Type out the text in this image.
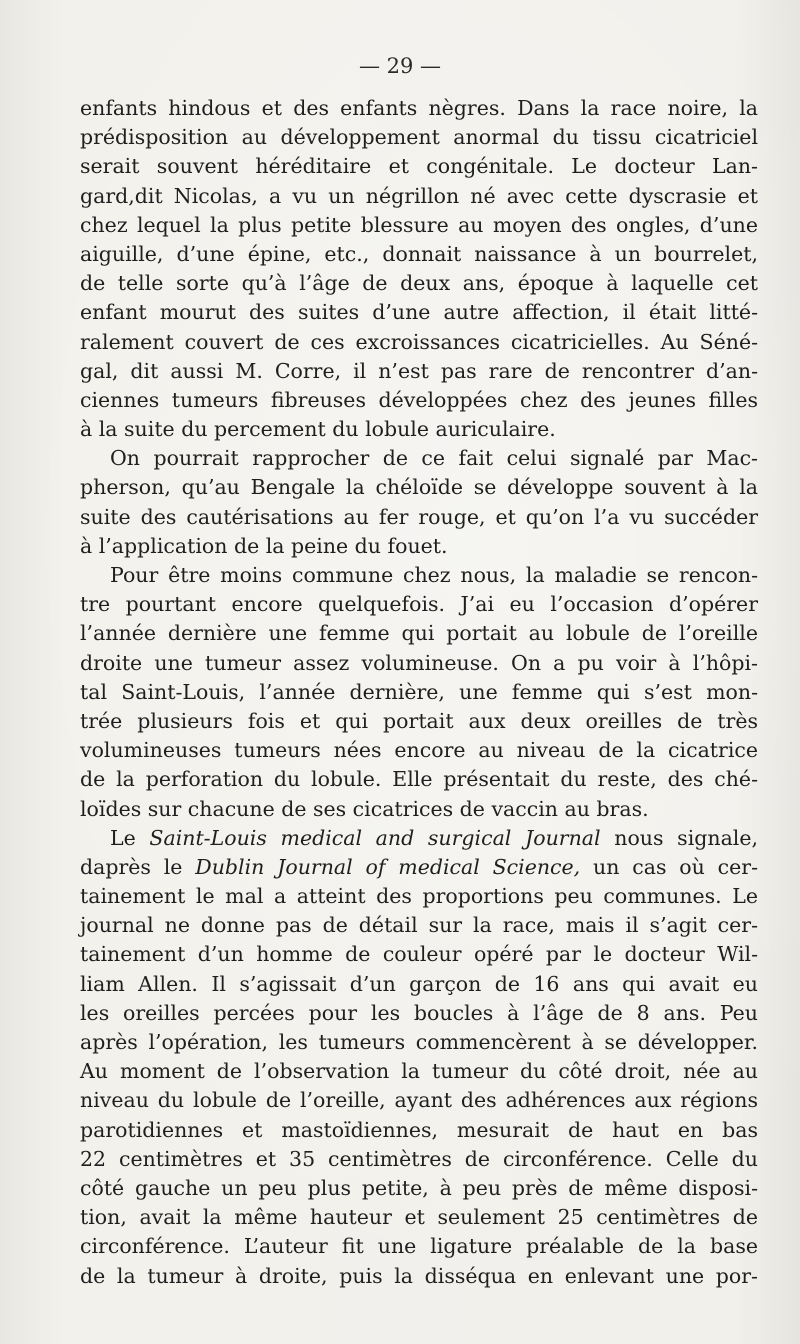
— 29 —
enfants hindous et des enfants nègres. Dans la race noire, la
prédisposition au développement anormal du tissu cicatriciel
serait souvent héréditaire et congénitale. Le docteur Lan-
gard,dit Nicolas, a vu un négrillon né avec cette dyscrasie et
chez lequel la plus petite blessure au moyen des ongles, d’une
aiguille, d’une épine, etc., donnait naissance à un bourrelet,
de telle sorte qu’à l’âge de deux ans, époque à laquelle cet
enfant mourut des suites d’une autre affection, il était litté-
ralement couvert de ces excroissances cicatricielles. Au Séné-
gal, dit aussi M. Corre, il n’est pas rare de rencontrer d’an-
ciennes tumeurs fibreuses développées chez des jeunes filles
à la suite du percement du lobule auriculaire.
On pourrait rapprocher de ce fait celui signalé par Mac-
pherson, qu’au Bengale la chéloïde se développe souvent à la
suite des cautérisations au fer rouge, et qu’on l’a vu succéder
à l’application de la peine du fouet.
Pour être moins commune chez nous, la maladie se rencon-
tre pourtant encore quelquefois. J’ai eu l’occasion d’opérer
l’année dernière une femme qui portait au lobule de l’oreille
droite une tumeur assez volumineuse. On a pu voir à l’hôpi-
tal Saint-Louis, l’année dernière, une femme qui s’est mon-
trée plusieurs fois et qui portait aux deux oreilles de très
volumineuses tumeurs nées encore au niveau de la cicatrice
de la perforation du lobule. Elle présentait du reste, des ché-
loïdes sur chacune de ses cicatrices de vaccin au bras.
Le Saint-Louis medical and surgical Journal nous signale,
daprès le Dublin Journal of medical Science, un cas où cer-
tainement le mal a atteint des proportions peu communes. Le
journal ne donne pas de détail sur la race, mais il s’agit cer-
tainement d’un homme de couleur opéré par le docteur Wil-
liam Allen. Il s’agissait d’un garçon de 16 ans qui avait eu
les oreilles percées pour les boucles à l’âge de 8 ans. Peu
après l’opération, les tumeurs commencèrent à se développer.
Au moment de l’observation la tumeur du côté droit, née au
niveau du lobule de l’oreille, ayant des adhérences aux régions
parotidiennes et mastoïdiennes, mesurait de haut en bas
22 centimètres et 35 centimètres de circonférence. Celle du
côté gauche un peu plus petite, à peu près de même disposi-
tion, avait la même hauteur et seulement 25 centimètres de
circonférence. L’auteur fit une ligature préalable de la base
de la tumeur à droite, puis la disséqua en enlevant une por-
